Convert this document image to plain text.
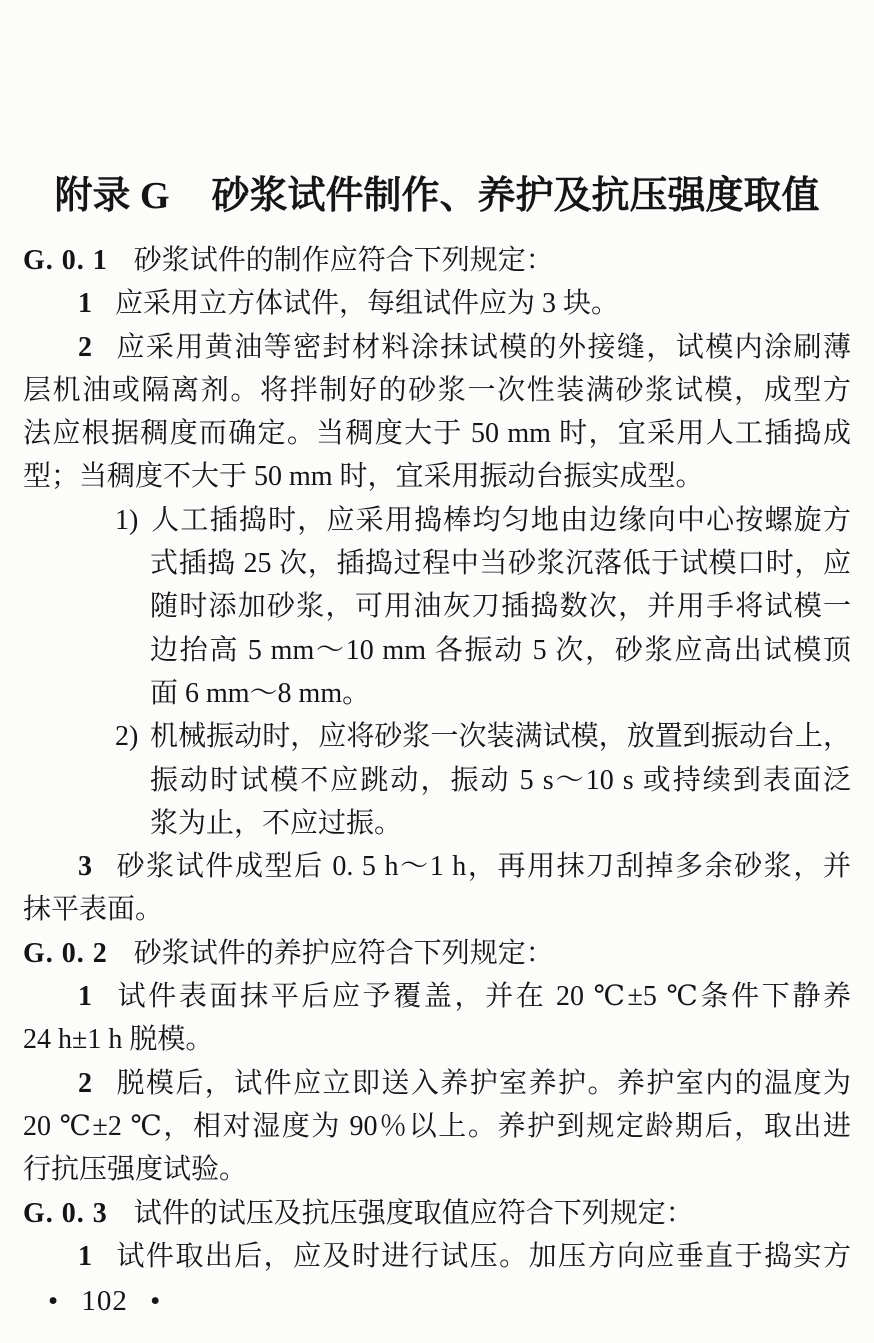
附录 G 砂浆试件制作、养护及抗压强度取值
G. 0. 1 砂浆试件的制作应符合下列规定：
1 应采用立方体试件，每组试件应为 3 块。
2 应采用黄油等密封材料涂抹试模的外接缝，试模内涂刷薄
层机油或隔离剂。将拌制好的砂浆一次性装满砂浆试模，成型方
法应根据稠度而确定。当稠度大于 50 mm 时，宜采用人工插捣成
型；当稠度不大于 50 mm 时，宜采用振动台振实成型。
1) 人工插捣时，应采用捣棒均匀地由边缘向中心按螺旋方
式插捣 25 次，插捣过程中当砂浆沉落低于试模口时，应
随时添加砂浆，可用油灰刀插捣数次，并用手将试模一
边抬高 5 mm～10 mm 各振动 5 次，砂浆应高出试模顶
面 6 mm～8 mm。
2) 机械振动时，应将砂浆一次装满试模，放置到振动台上，
振动时试模不应跳动，振动 5 s～10 s 或持续到表面泛
浆为止，不应过振。
3 砂浆试件成型后 0. 5 h～1 h，再用抹刀刮掉多余砂浆，并
抹平表面。
G. 0. 2 砂浆试件的养护应符合下列规定：
1 试件表面抹平后应予覆盖，并在 20 ℃±5 ℃条件下静养
24 h±1 h 脱模。
2 脱模后，试件应立即送入养护室养护。养护室内的温度为
20 ℃±2 ℃，相对湿度为 90％以上。养护到规定龄期后，取出进
行抗压强度试验。
G. 0. 3 试件的试压及抗压强度取值应符合下列规定：
1 试件取出后，应及时进行试压。加压方向应垂直于捣实方
• 102 •
